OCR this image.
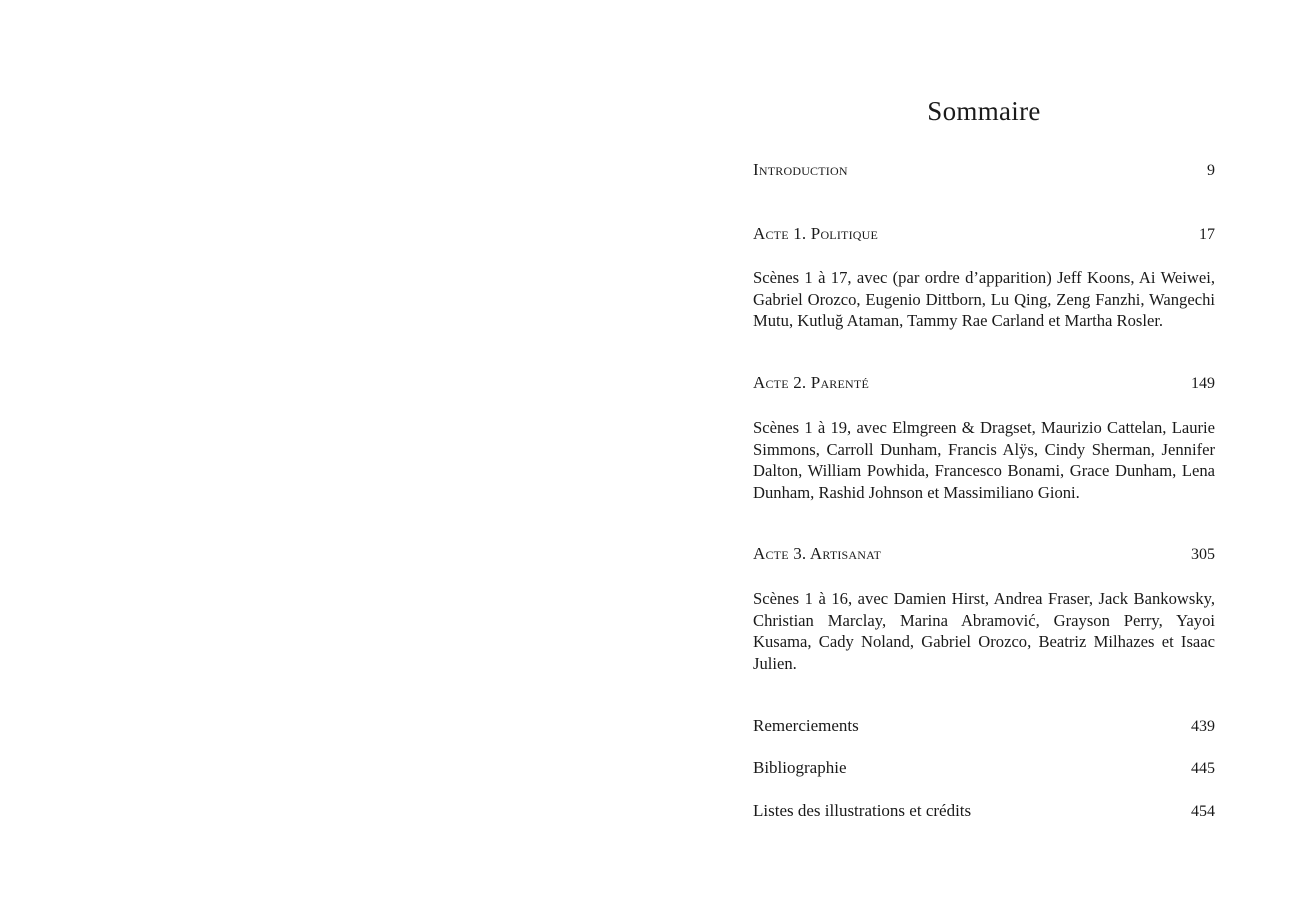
Sommaire
Introduction	9
Acte 1. Politique	17

Scènes 1 à 17, avec (par ordre d’apparition) Jeff Koons, Ai Weiwei, Gabriel Orozco, Eugenio Dittborn, Lu Qing, Zeng Fanzhi, Wangechi Mutu, Kutluğ Ataman, Tammy Rae Carland et Martha Rosler.

Acte 2. Parenté	149

Scènes 1 à 19, avec Elmgreen & Dragset, Maurizio Cattelan, Laurie Simmons, Carroll Dunham, Francis Alÿs, Cindy Sherman, Jennifer Dalton, William Powhida, Francesco Bonami, Grace Dunham, Lena Dunham, Rashid Johnson et Massimiliano Gioni.

Acte 3. Artisanat	305

Scènes 1 à 16, avec Damien Hirst, Andrea Fraser, Jack Bankowsky, Christian Marclay, Marina Abramović, Grayson Perry, Yayoi Kusama, Cady Noland, Gabriel Orozco, Beatriz Milhazes et Isaac Julien.

Remerciements	439
Bibliographie	445
Listes des illustrations et crédits	454
